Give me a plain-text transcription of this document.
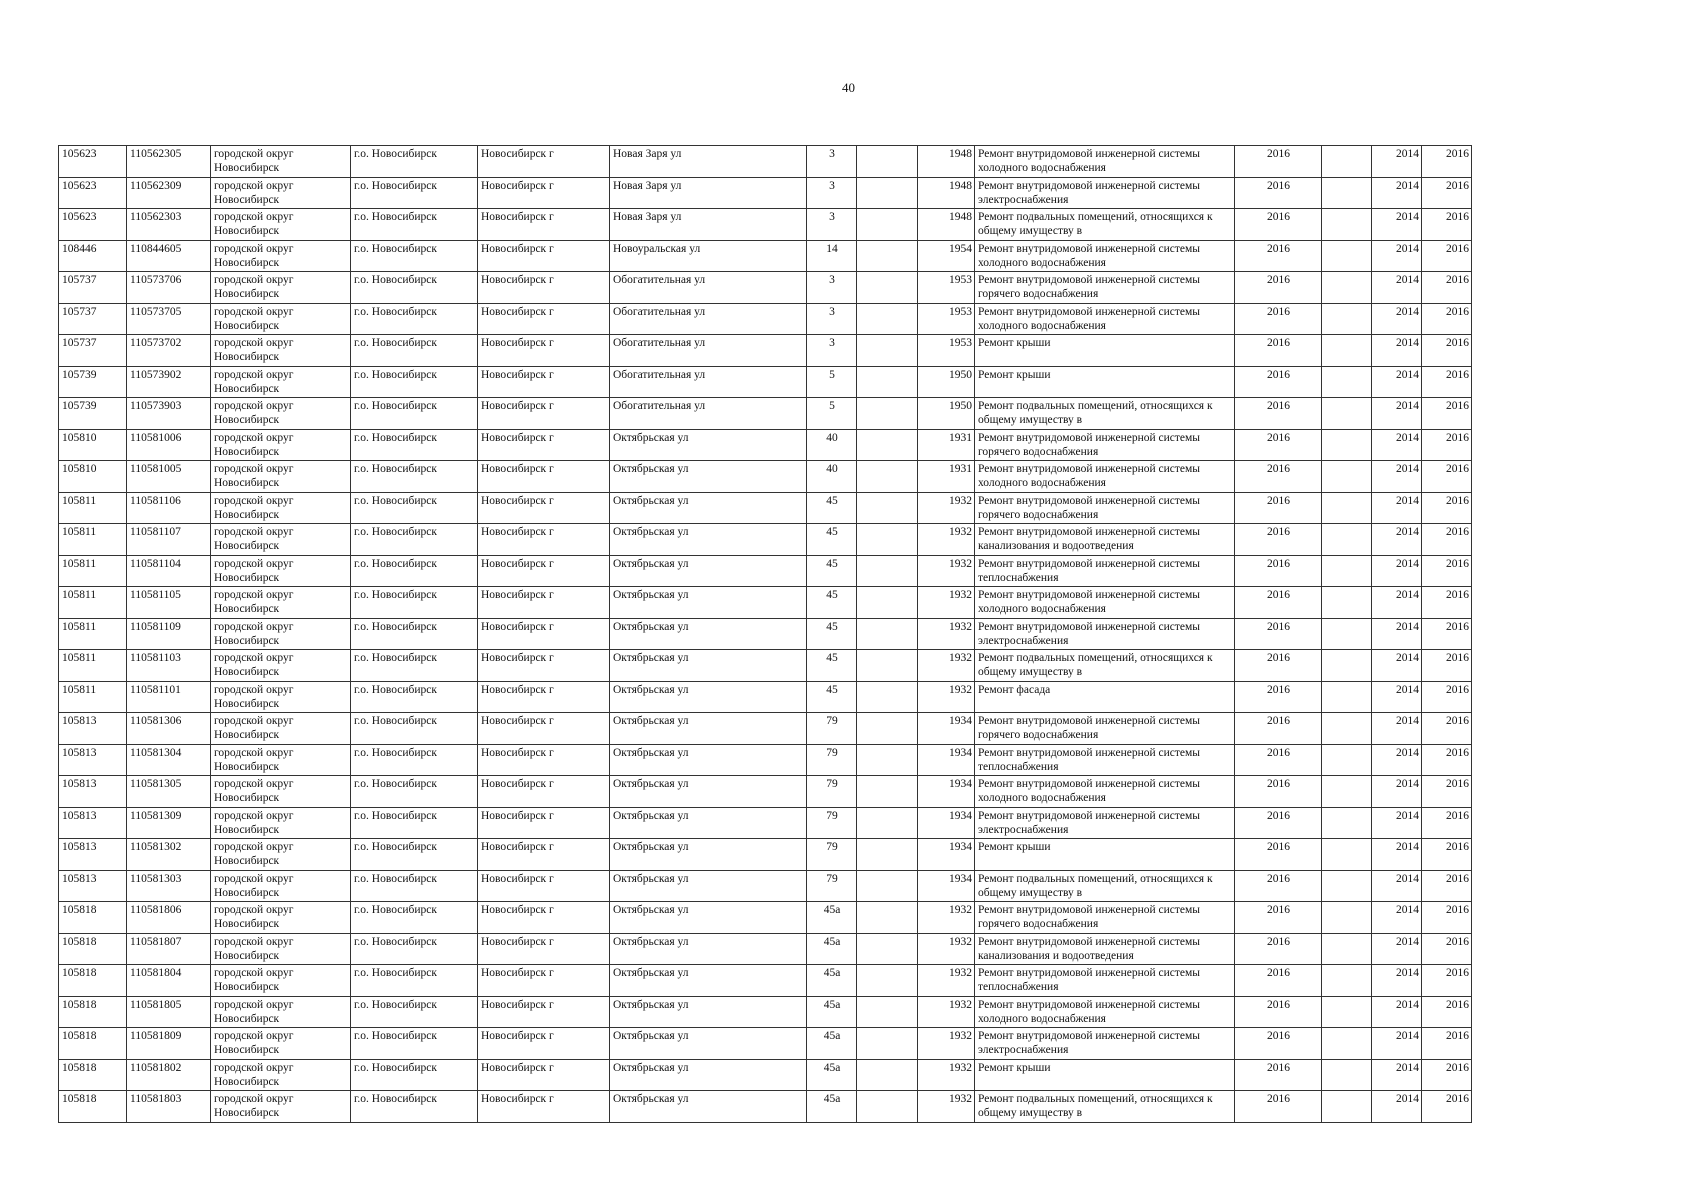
40
105623	110562305	городской округ Новосибирск	г.о. Новосибирск	Новосибирск г	Новая Заря ул	3		1948	Ремонт внутридомовой инженерной системы холодного водоснабжения	2016		2014	2016
105623	110562309	городской округ Новосибирск	г.о. Новосибирск	Новосибирск г	Новая Заря ул	3		1948	Ремонт внутридомовой инженерной системы электроснабжения	2016		2014	2016
105623	110562303	городской округ Новосибирск	г.о. Новосибирск	Новосибирск г	Новая Заря ул	3		1948	Ремонт подвальных помещений, относящихся к общему имуществу в	2016		2014	2016
108446	110844605	городской округ Новосибирск	г.о. Новосибирск	Новосибирск г	Новоуральская ул	14		1954	Ремонт внутридомовой инженерной системы холодного водоснабжения	2016		2014	2016
105737	110573706	городской округ Новосибирск	г.о. Новосибирск	Новосибирск г	Обогатительная ул	3		1953	Ремонт внутридомовой инженерной системы горячего водоснабжения	2016		2014	2016
105737	110573705	городской округ Новосибирск	г.о. Новосибирск	Новосибирск г	Обогатительная ул	3		1953	Ремонт внутридомовой инженерной системы холодного водоснабжения	2016		2014	2016
105737	110573702	городской округ Новосибирск	г.о. Новосибирск	Новосибирск г	Обогатительная ул	3		1953	Ремонт крыши	2016		2014	2016
105739	110573902	городской округ Новосибирск	г.о. Новосибирск	Новосибирск г	Обогатительная ул	5		1950	Ремонт крыши	2016		2014	2016
105739	110573903	городской округ Новосибирск	г.о. Новосибирск	Новосибирск г	Обогатительная ул	5		1950	Ремонт подвальных помещений, относящихся к общему имуществу в	2016		2014	2016
105810	110581006	городской округ Новосибирск	г.о. Новосибирск	Новосибирск г	Октябрьская ул	40		1931	Ремонт внутридомовой инженерной системы горячего водоснабжения	2016		2014	2016
105810	110581005	городской округ Новосибирск	г.о. Новосибирск	Новосибирск г	Октябрьская ул	40		1931	Ремонт внутридомовой инженерной системы холодного водоснабжения	2016		2014	2016
105811	110581106	городской округ Новосибирск	г.о. Новосибирск	Новосибирск г	Октябрьская ул	45		1932	Ремонт внутридомовой инженерной системы горячего водоснабжения	2016		2014	2016
105811	110581107	городской округ Новосибирск	г.о. Новосибирск	Новосибирск г	Октябрьская ул	45		1932	Ремонт внутридомовой инженерной системы канализования и водоотведения	2016		2014	2016
105811	110581104	городской округ Новосибирск	г.о. Новосибирск	Новосибирск г	Октябрьская ул	45		1932	Ремонт внутридомовой инженерной системы теплоснабжения	2016		2014	2016
105811	110581105	городской округ Новосибирск	г.о. Новосибирск	Новосибирск г	Октябрьская ул	45		1932	Ремонт внутридомовой инженерной системы холодного водоснабжения	2016		2014	2016
105811	110581109	городской округ Новосибирск	г.о. Новосибирск	Новосибирск г	Октябрьская ул	45		1932	Ремонт внутридомовой инженерной системы электроснабжения	2016		2014	2016
105811	110581103	городской округ Новосибирск	г.о. Новосибирск	Новосибирск г	Октябрьская ул	45		1932	Ремонт подвальных помещений, относящихся к общему имуществу в	2016		2014	2016
105811	110581101	городской округ Новосибирск	г.о. Новосибирск	Новосибирск г	Октябрьская ул	45		1932	Ремонт фасада	2016		2014	2016
105813	110581306	городской округ Новосибирск	г.о. Новосибирск	Новосибирск г	Октябрьская ул	79		1934	Ремонт внутридомовой инженерной системы горячего водоснабжения	2016		2014	2016
105813	110581304	городской округ Новосибирск	г.о. Новосибирск	Новосибирск г	Октябрьская ул	79		1934	Ремонт внутридомовой инженерной системы теплоснабжения	2016		2014	2016
105813	110581305	городской округ Новосибирск	г.о. Новосибирск	Новосибирск г	Октябрьская ул	79		1934	Ремонт внутридомовой инженерной системы холодного водоснабжения	2016		2014	2016
105813	110581309	городской округ Новосибирск	г.о. Новосибирск	Новосибирск г	Октябрьская ул	79		1934	Ремонт внутридомовой инженерной системы электроснабжения	2016		2014	2016
105813	110581302	городской округ Новосибирск	г.о. Новосибирск	Новосибирск г	Октябрьская ул	79		1934	Ремонт крыши	2016		2014	2016
105813	110581303	городской округ Новосибирск	г.о. Новосибирск	Новосибирск г	Октябрьская ул	79		1934	Ремонт подвальных помещений, относящихся к общему имуществу в	2016		2014	2016
105818	110581806	городской округ Новосибирск	г.о. Новосибирск	Новосибирск г	Октябрьская ул	45а		1932	Ремонт внутридомовой инженерной системы горячего водоснабжения	2016		2014	2016
105818	110581807	городской округ Новосибирск	г.о. Новосибирск	Новосибирск г	Октябрьская ул	45а		1932	Ремонт внутридомовой инженерной системы канализования и водоотведения	2016		2014	2016
105818	110581804	городской округ Новосибирск	г.о. Новосибирск	Новосибирск г	Октябрьская ул	45а		1932	Ремонт внутридомовой инженерной системы теплоснабжения	2016		2014	2016
105818	110581805	городской округ Новосибирск	г.о. Новосибирск	Новосибирск г	Октябрьская ул	45а		1932	Ремонт внутридомовой инженерной системы холодного водоснабжения	2016		2014	2016
105818	110581809	городской округ Новосибирск	г.о. Новосибирск	Новосибирск г	Октябрьская ул	45а		1932	Ремонт внутридомовой инженерной системы электроснабжения	2016		2014	2016
105818	110581802	городской округ Новосибирск	г.о. Новосибирск	Новосибирск г	Октябрьская ул	45а		1932	Ремонт крыши	2016		2014	2016
105818	110581803	городской округ Новосибирск	г.о. Новосибирск	Новосибирск г	Октябрьская ул	45а		1932	Ремонт подвальных помещений, относящихся к общему имуществу в	2016		2014	2016
